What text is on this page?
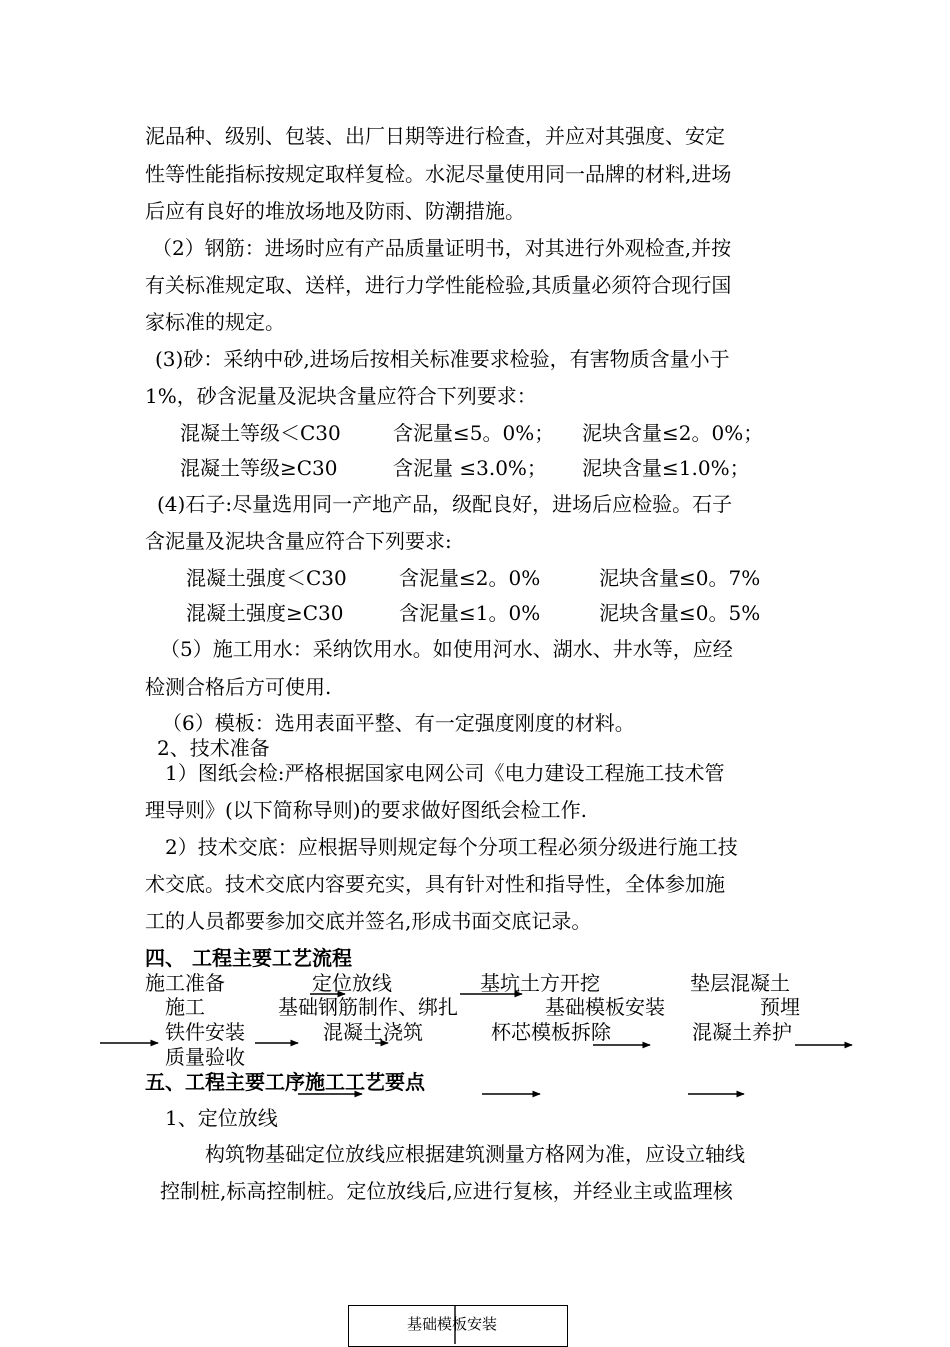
泥品种、级别、包装、出厂日期等进行检查，并应对其强度、安定
性等性能指标按规定取样复检。水泥尽量使用同一品牌的材料,进场
后应有良好的堆放场地及防雨、防潮措施。
（2）钢筋：进场时应有产品质量证明书，对其进行外观检查,并按
有关标准规定取、送样，进行力学性能检验,其质量必须符合现行国
家标准的规定。
(3)砂：采纳中砂,进场后按相关标准要求检验，有害物质含量小于
1%，砂含泥量及泥块含量应符合下列要求：
混凝土等级＜C30	含泥量≤5。0%； 泥块含量≤2。0%；
混凝土等级≥C30	含泥量 ≤3.0%； 泥块含量≤1.0%；
(4)石子:尽量选用同一产地产品，级配良好，进场后应检验。石子
含泥量及泥块含量应符合下列要求:
混凝土强度＜C30	含泥量≤2。0%	泥块含量≤0。7%
混凝土强度≥C30	含泥量≤1。0%	泥块含量≤0。5%
（5）施工用水：采纳饮用水。如使用河水、湖水、井水等，应经
检测合格后方可使用.
（6）模板：选用表面平整、有一定强度刚度的材料。
2、技术准备
1）图纸会检:严格根据国家电网公司《电力建设工程施工技术管
理导则》(以下简称导则)的要求做好图纸会检工作.
2）技术交底：应根据导则规定每个分项工程必须分级进行施工技
术交底。技术交底内容要充实，具有针对性和指导性，全体参加施
工的人员都要参加交底并签名,形成书面交底记录。
四、 工程主要工艺流程
施工准备	定位放线	基坑土方开挖	垫层混凝土
施工	基础钢筋制作、绑扎	基础模板安装	预埋
铁件安装	混凝土浇筑	杯芯模板拆除	混凝土养护
质量验收
五、工程主要工序施工工艺要点
1、定位放线
构筑物基础定位放线应根据建筑测量方格网为准，应设立轴线
控制桩,标高控制桩。定位放线后,应进行复核，并经业主或监理核
基础模板安装
